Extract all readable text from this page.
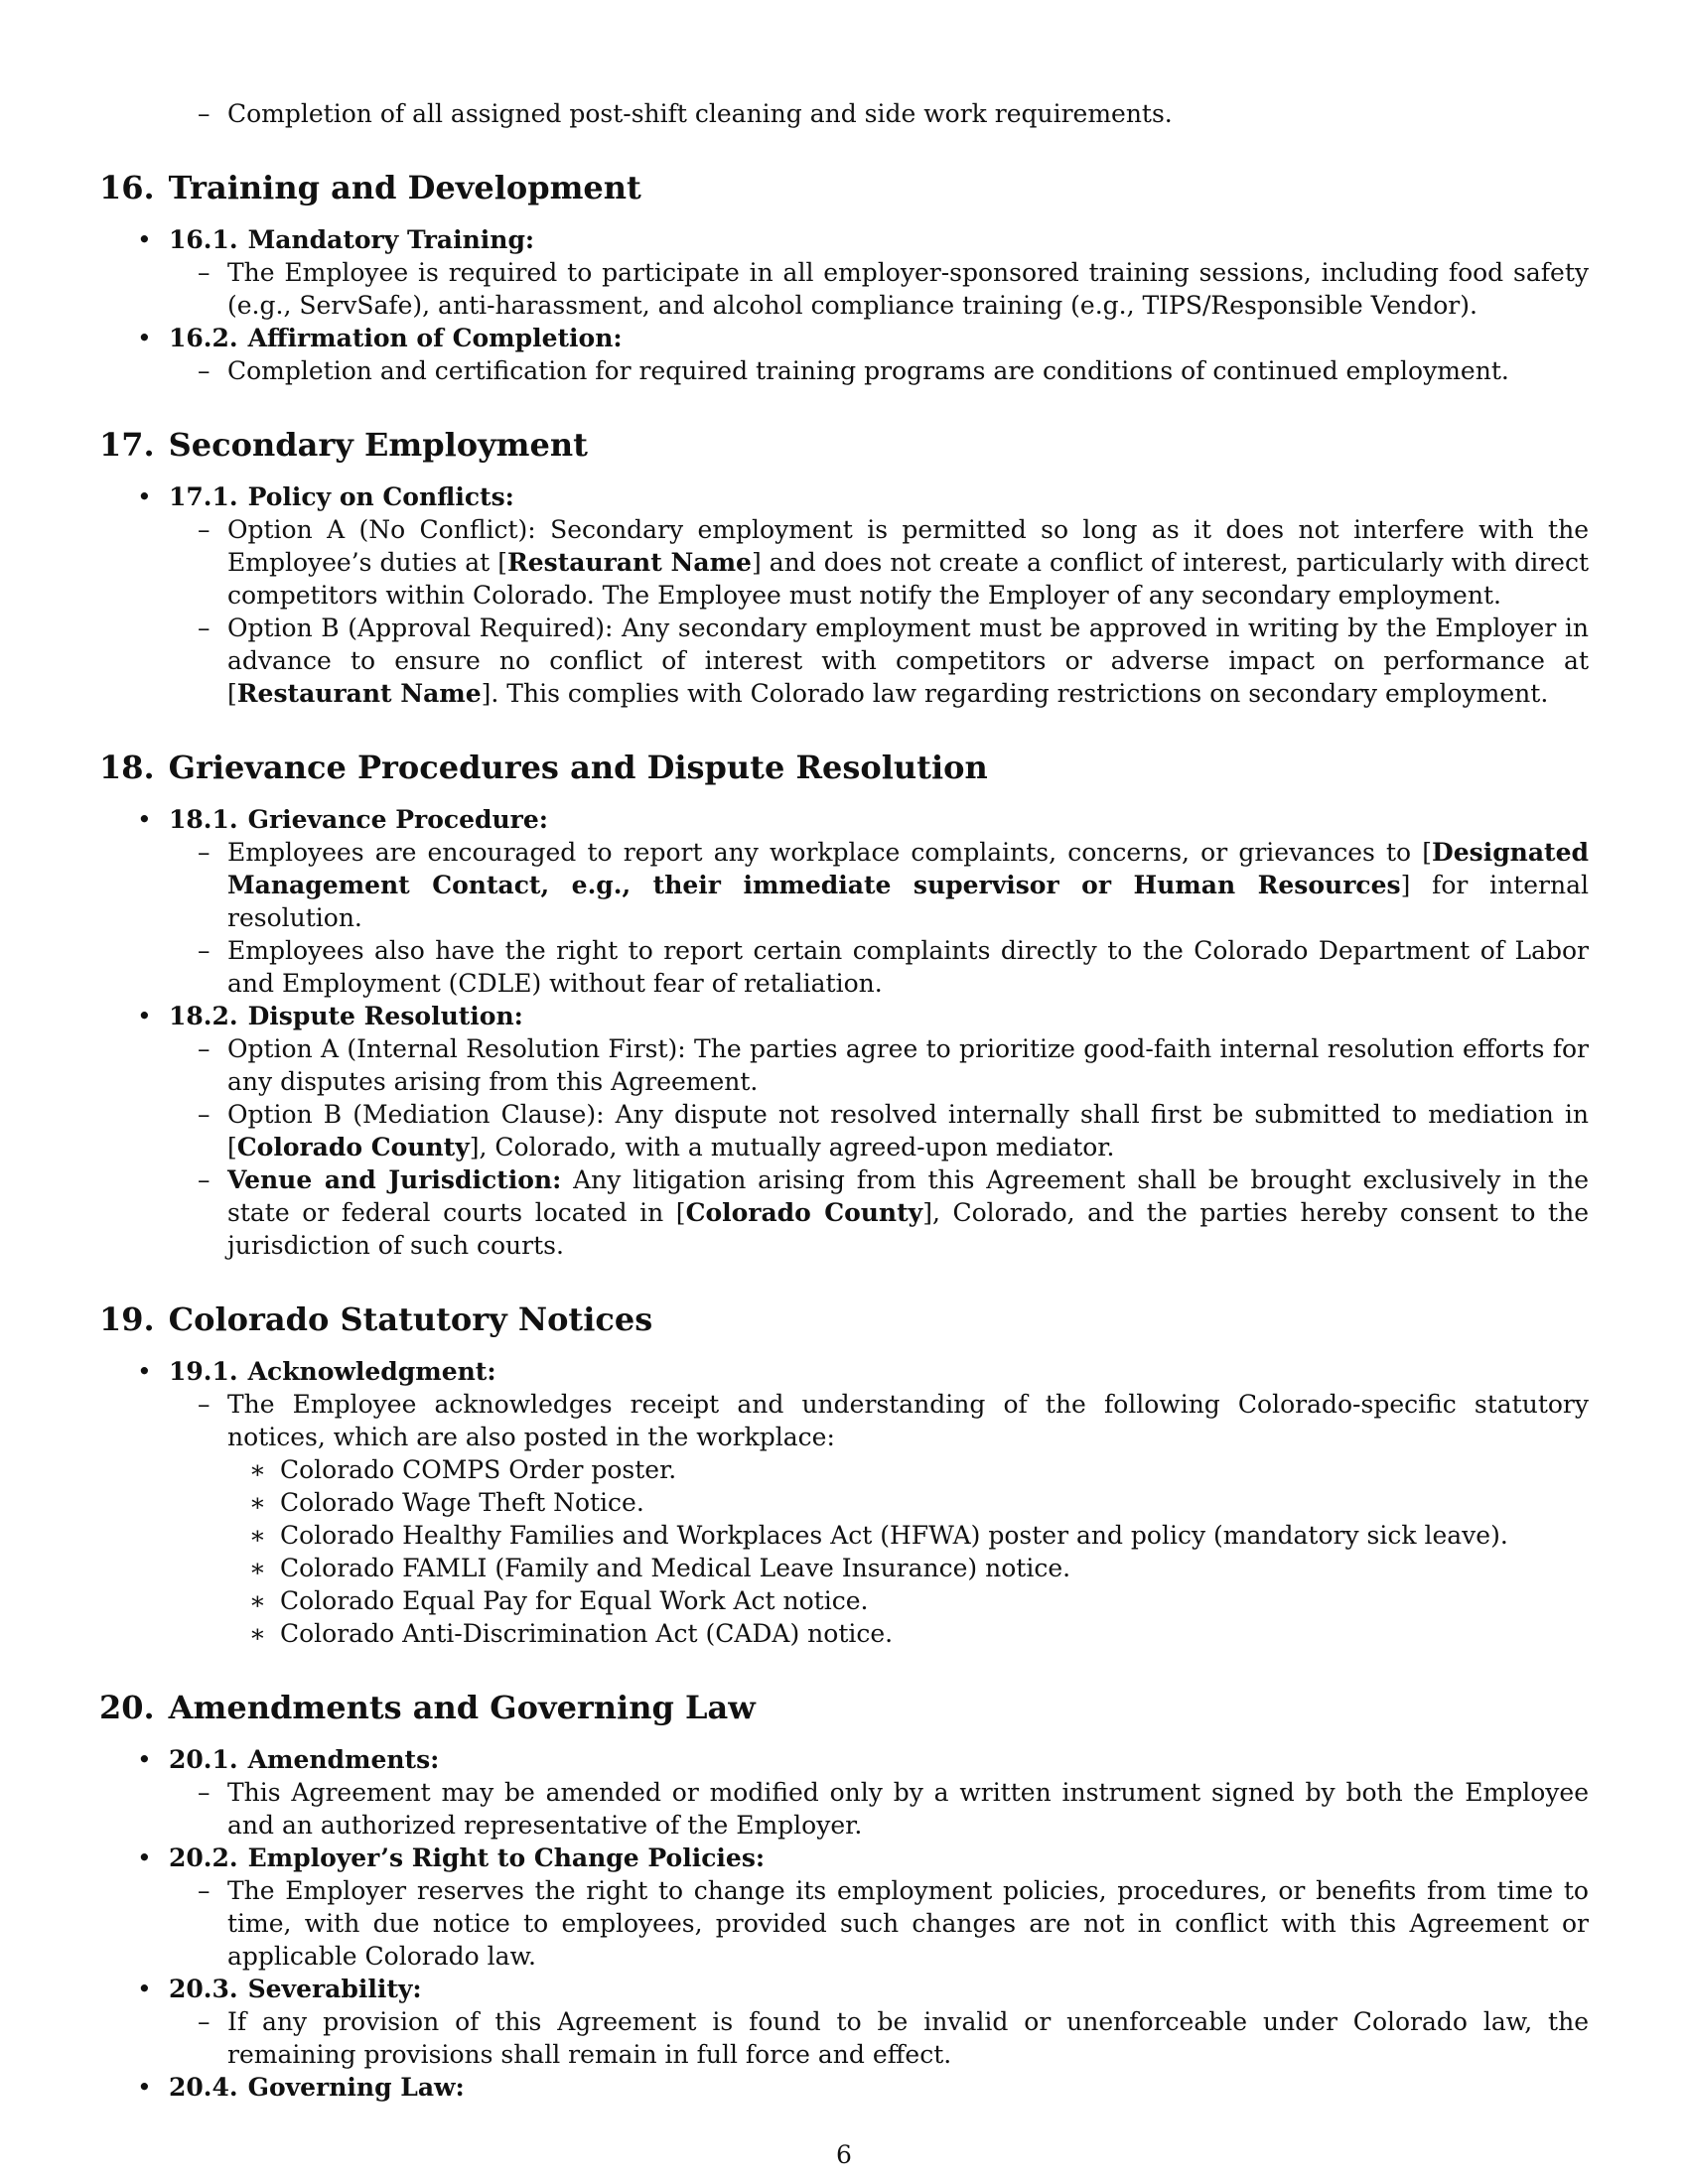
– Completion of all assigned post-shift cleaning and side work requirements.
16. Training and Development
• 16.1. Mandatory Training:
– The Employee is required to participate in all employer-sponsored training sessions, including food safety (e.g., ServSafe), anti-harassment, and alcohol compliance training (e.g., TIPS/Responsible Vendor).
• 16.2. Affirmation of Completion:
– Completion and certification for required training programs are conditions of continued employment.
17. Secondary Employment
• 17.1. Policy on Conflicts:
– Option A (No Conflict): Secondary employment is permitted so long as it does not interfere with the Employee’s duties at [Restaurant Name] and does not create a conflict of interest, particularly with direct competitors within Colorado. The Employee must notify the Employer of any secondary employment.
– Option B (Approval Required): Any secondary employment must be approved in writing by the Employer in advance to ensure no conflict of interest with competitors or adverse impact on performance at [Restaurant Name]. This complies with Colorado law regarding restrictions on secondary employment.
18. Grievance Procedures and Dispute Resolution
• 18.1. Grievance Procedure:
– Employees are encouraged to report any workplace complaints, concerns, or grievances to [Designated Management Contact, e.g., their immediate supervisor or Human Resources] for internal resolution.
– Employees also have the right to report certain complaints directly to the Colorado Department of Labor and Employment (CDLE) without fear of retaliation.
• 18.2. Dispute Resolution:
– Option A (Internal Resolution First): The parties agree to prioritize good-faith internal resolution efforts for any disputes arising from this Agreement.
– Option B (Mediation Clause): Any dispute not resolved internally shall first be submitted to mediation in [Colorado County], Colorado, with a mutually agreed-upon mediator.
– Venue and Jurisdiction: Any litigation arising from this Agreement shall be brought exclusively in the state or federal courts located in [Colorado County], Colorado, and the parties hereby consent to the jurisdiction of such courts.
19. Colorado Statutory Notices
• 19.1. Acknowledgment:
– The Employee acknowledges receipt and understanding of the following Colorado-specific statutory notices, which are also posted in the workplace:
∗ Colorado COMPS Order poster.
∗ Colorado Wage Theft Notice.
∗ Colorado Healthy Families and Workplaces Act (HFWA) poster and policy (mandatory sick leave).
∗ Colorado FAMLI (Family and Medical Leave Insurance) notice.
∗ Colorado Equal Pay for Equal Work Act notice.
∗ Colorado Anti-Discrimination Act (CADA) notice.
20. Amendments and Governing Law
• 20.1. Amendments:
– This Agreement may be amended or modified only by a written instrument signed by both the Employee and an authorized representative of the Employer.
• 20.2. Employer’s Right to Change Policies:
– The Employer reserves the right to change its employment policies, procedures, or benefits from time to time, with due notice to employees, provided such changes are not in conflict with this Agreement or applicable Colorado law.
• 20.3. Severability:
– If any provision of this Agreement is found to be invalid or unenforceable under Colorado law, the remaining provisions shall remain in full force and effect.
• 20.4. Governing Law:
6
